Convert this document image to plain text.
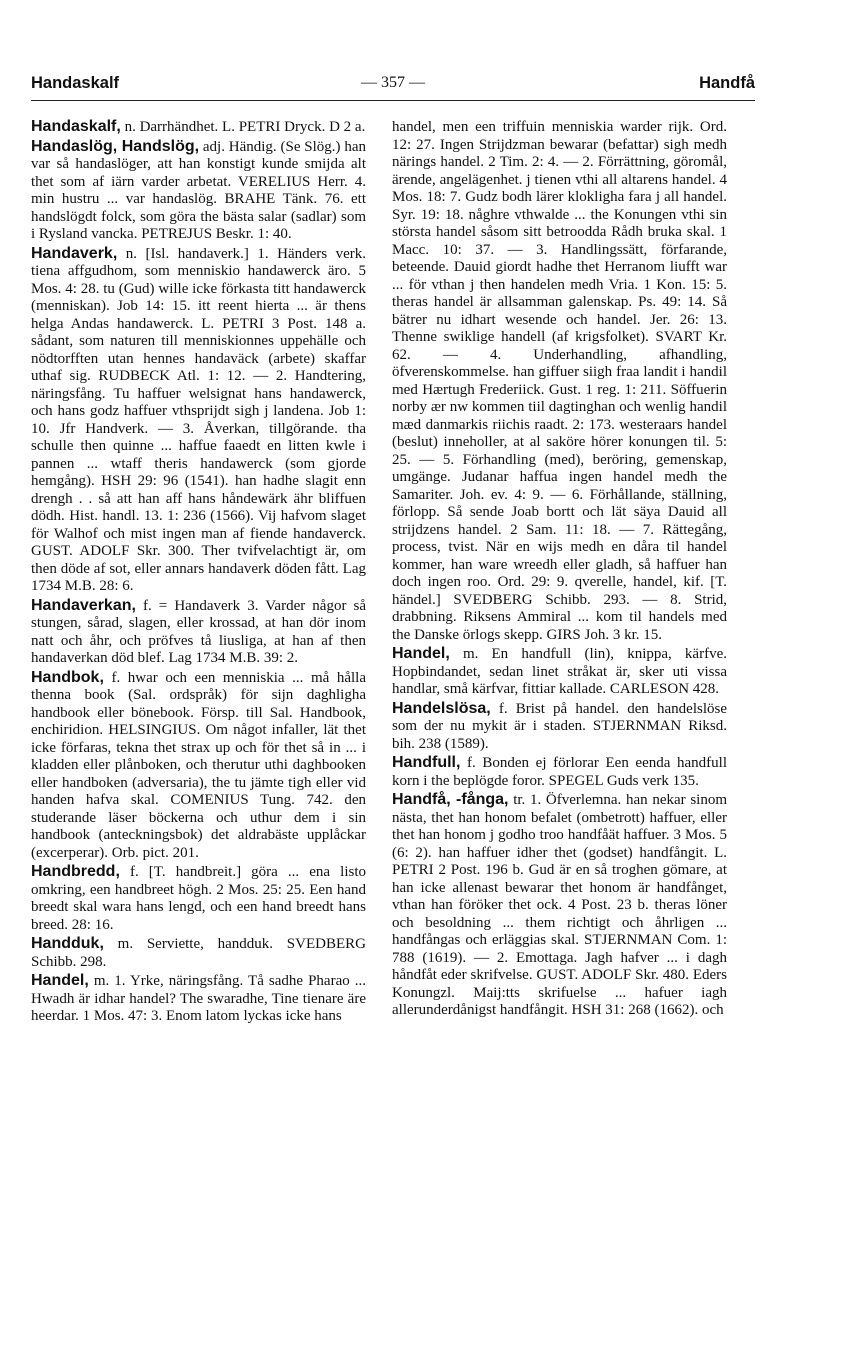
Handaskalf	— 357 —	Handfå

Handaskalf, n. Darrhändhet. L. PETRI Dryck. D 2 a.

Handaslög, Handslög, adj. Händig. (Se Slög.) han var så handaslöger, att han konstigt kunde smijda alt thet som af iärn varder arbetat. VERELIUS Herr. 4. min hustru ... var handaslög. BRAHE Tänk. 76. ett handslögdt folck, som göra the bästa salar (sadlar) som i Rysland vancka. PETREJUS Beskr. 1: 40.

Handaverk, n. [Isl. handaverk.] 1. Händers verk. tiena affgudhom, som menniskio handawerck äro. 5 Mos. 4: 28. tu (Gud) wille icke förkasta titt handawerck (menniskan). Job 14: 15. itt reent hierta ... är thens helga Andas handawerck. L. PETRI 3 Post. 148 a. sådant, som naturen till menniskionnes uppehälle och nödtorfften utan hennes handaväck (arbete) skaffar uthaf sig. RUDBECK Atl. 1: 12. — 2. Handtering, näringsfång. Tu haffuer welsignat hans handawerck, och hans godz haffuer vthsprijdt sigh j landena. Job 1: 10. Jfr Handverk. — 3. Åverkan, tillgörande. tha schulle then quinne ... haffue faaedt en litten kwle i pannen ... wtaff theris handawerck (som gjorde hemgång). HSH 29: 96 (1541). han hadhe slagit enn drengh . . så att han aff hans håndewärk ähr bliffuen dödh. Hist. handl. 13. 1: 236 (1566). Vij hafvom slaget för Walhof och mist ingen man af fiende handaverck. GUST. ADOLF Skr. 300. Ther tvifvelachtigt är, om then döde af sot, eller annars handaverk döden fått. Lag 1734 M.B. 28: 6.

Handaverkan, f. = Handaverk 3. Varder någor så stungen, sårad, slagen, eller krossad, at han dör inom natt och åhr, och pröfves tå liusliga, at han af then handaverkan död blef. Lag 1734 M.B. 39: 2.

Handbok, f. hwar och een menniskia ... må hålla thenna book (Sal. ordspråk) för sijn daghligha handbook eller bönebook. Försp. till Sal. Handbook, enchiridion. HELSINGIUS. Om något infaller, lät thet icke förfaras, tekna thet strax up och för thet så in ... i kladden eller plånboken, och therutur uthi daghbooken eller handboken (adversaria), the tu jämte tigh eller vid handen hafva skal. COMENIUS Tung. 742. den studerande läser böckerna och uthur dem i sin handbook (anteckningsbok) det aldrabäste upplåckar (excerperar). Orb. pict. 201.

Handbredd, f. [T. handbreit.] göra ... ena listo omkring, een handbreet högh. 2 Mos. 25: 25. Een hand breedt skal wara hans lengd, och een hand breedt hans breed. 28: 16.

Handduk, m. Serviette, handduk. SVEDBERG Schibb. 298.

Handel, m. 1. Yrke, näringsfång. Tå sadhe Pharao ... Hwadh är idhar handel? The swaradhe, Tine tienare äre heerdar. 1 Mos. 47: 3. Enom latom lyckas icke hans

handel, men een triffuin menniskia warder rijk. Ord. 12: 27. Ingen Strijdzman bewarar (befattar) sigh medh närings handel. 2 Tim. 2: 4. — 2. Förrättning, göromål, ärende, angelägenhet. j tienen vthi all altarens handel. 4 Mos. 18: 7. Gudz bodh lärer klokligha fara j all handel. Syr. 19: 18. någhre vthwalde ... the Konungen vthi sin största handel såsom sitt betroodda Rådh bruka skal. 1 Macc. 10: 37. — 3. Handlingssätt, förfarande, beteende. Dauid giordt hadhe thet Herranom liufft war ... för vthan j then handelen medh Vria. 1 Kon. 15: 5. theras handel är allsamman galenskap. Ps. 49: 14. Så bätrer nu idhart wesende och handel. Jer. 26: 13. Thenne swiklige handell (af krigsfolket). SVART Kr. 62. — 4. Underhandling, afhandling, öfverenskommelse. han giffuer siigh fraa landit i handil med Hærtugh Frederiick. Gust. 1 reg. 1: 211. Söffuerin norby ær nw kommen tiil dagtinghan och wenlig handil mæd danmarkis riichis raadt. 2: 173. westeraars handel (beslut) inneholler, at al saköre hörer konungen til. 5: 25. — 5. Förhandling (med), beröring, gemenskap, umgänge. Judanar haffua ingen handel medh the Samariter. Joh. ev. 4: 9. — 6. Förhållande, ställning, förlopp. Så sende Joab bortt och lät säya Dauid all strijdzens handel. 2 Sam. 11: 18. — 7. Rättegång, process, tvist. När en wijs medh en dåra til handel kommer, han ware wreedh eller gladh, så haffuer han doch ingen roo. Ord. 29: 9. qverelle, handel, kif. [T. händel.] SVEDBERG Schibb. 293. — 8. Strid, drabbning. Riksens Ammiral ... kom til handels med the Danske örlogs skepp. GIRS Joh. 3 kr. 15.

Handel, m. En handfull (lin), knippa, kärfve. Hopbindandet, sedan linet stråkat är, sker uti vissa handlar, små kärfvar, fittiar kallade. CARLESON 428.

Handelslösa, f. Brist på handel. den handelslöse som der nu mykit är i staden. STJERNMAN Riksd. bih. 238 (1589).

Handfull, f. Bonden ej förlorar Een eenda handfull korn i the beplögde foror. SPEGEL Guds verk 135.

Handfå, -fånga, tr. 1. Öfverlemna. han nekar sinom nästa, thet han honom befalet (ombetrott) haffuer, eller thet han honom j godho troo handfåät haffuer. 3 Mos. 5 (6: 2). han haffuer idher thet (godset) handfångit. L. PETRI 2 Post. 196 b. Gud är en så troghen gömare, at han icke allenast bewarar thet honom är handfånget, vthan han föröker thet ock. 4 Post. 23 b. theras löner och besoldning ... them richtigt och åhrligen ... handfångas och erläggias skal. STJERNMAN Com. 1: 788 (1619). — 2. Emottaga. Jagh hafver ... i dagh håndfåt eder skrifvelse. GUST. ADOLF Skr. 480. Eders Konungzl. Maij:tts skrifuelse ... hafuer iagh allerunderdånigst handfångit. HSH 31: 268 (1662). och
